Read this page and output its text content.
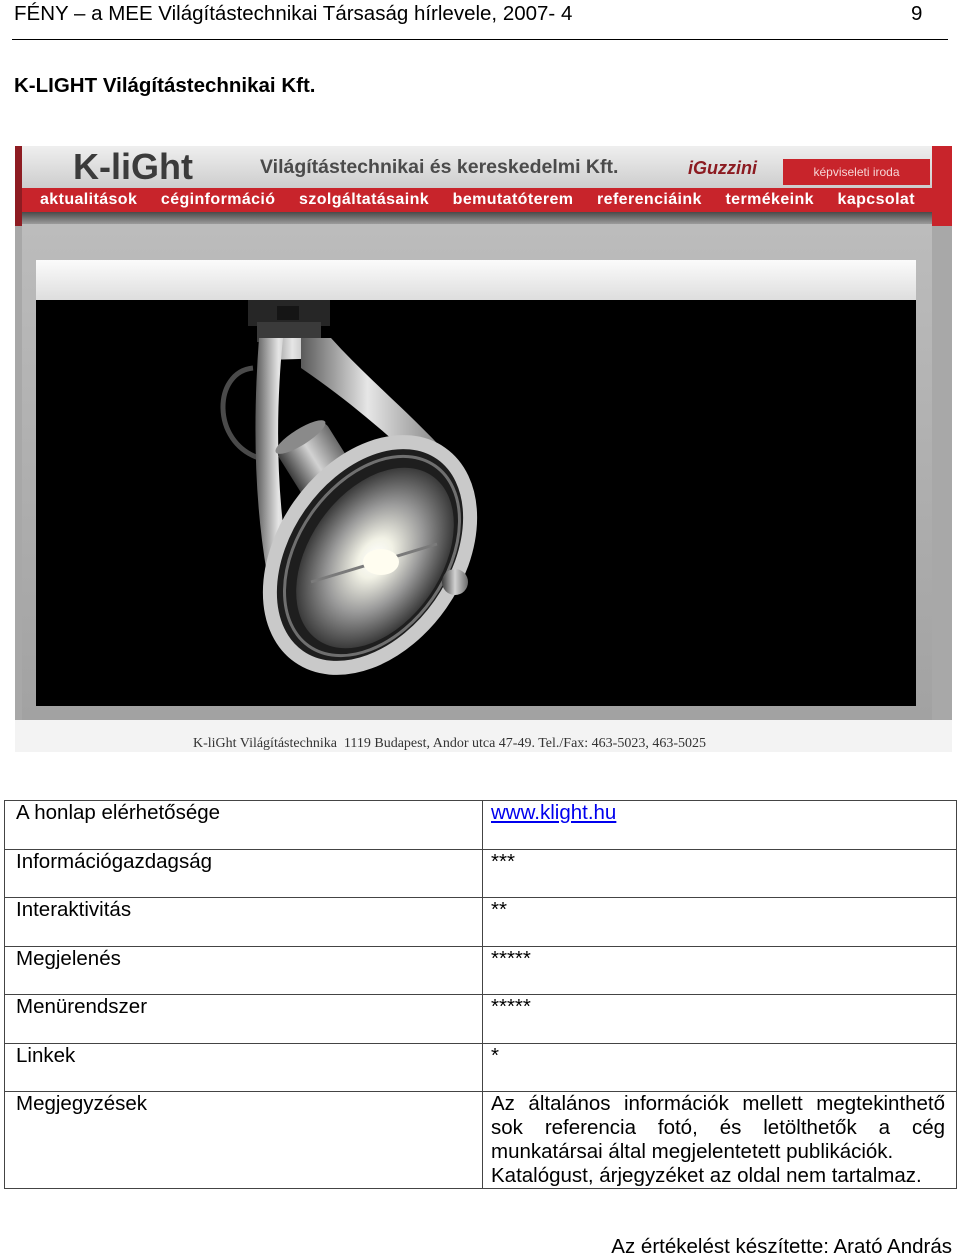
FÉNY – a MEE Világítástechnikai Társaság hírlevele, 2007- 4	9
K-LIGHT Világítástechnikai Kft.
K-liGht	Világítástechnikai és kereskedelmi Kft.	iGuzzini	képviseleti iroda
aktualitások céginformáció szolgáltatásaink bemutatóterem referenciáink termékeink kapcsolat
K-liGht Világítástechnika  1119 Budapest, Andor utca 47-49. Tel./Fax: 463-5023, 463-5025
A honlap elérhetősége	www.klight.hu
Információgazdagság	***
Interaktivitás	**
Megjelenés	*****
Menürendszer	*****
Linkek	*
Megjegyzések	Az általános információk mellett megtekinthető sok referencia fotó, és letölthetők a cég munkatársai által megjelentetett publikációk.

Katalógust, árjegyzéket az oldal nem tartalmaz.

Az értékelést készítette: Arató András
